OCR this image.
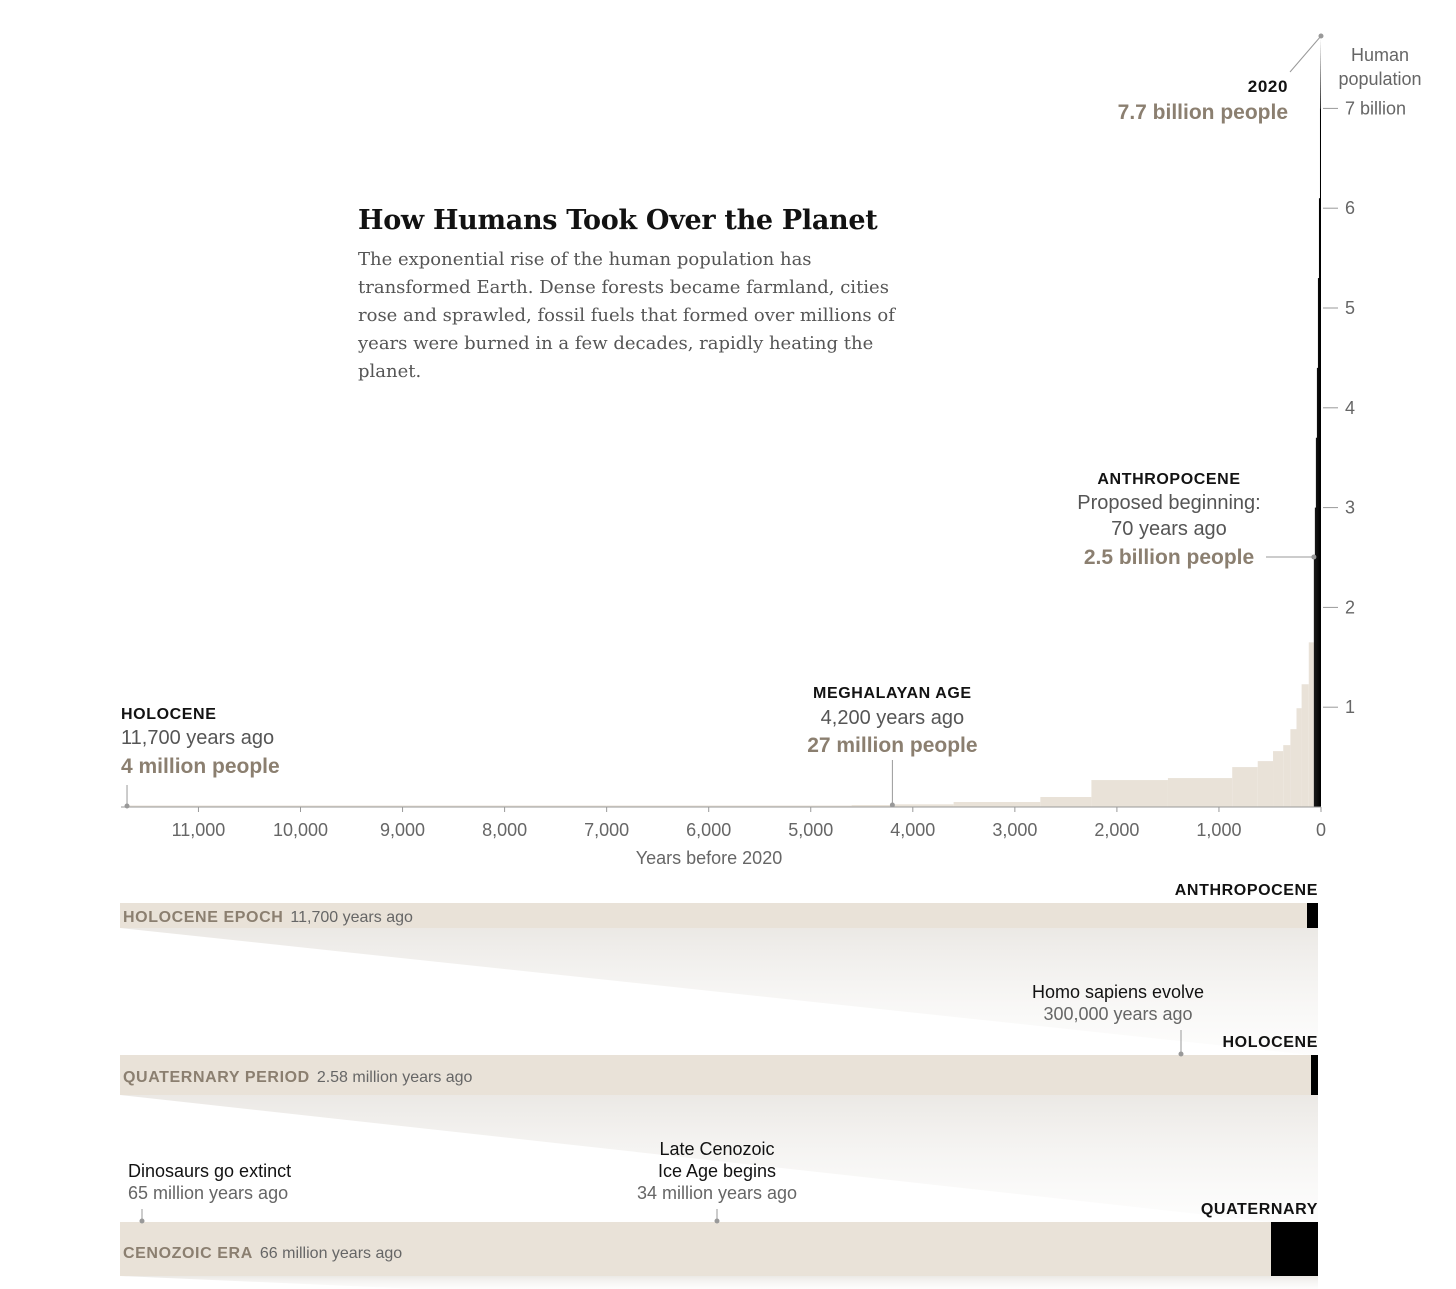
11,000	10,000	9,000	8,000	7,000	6,000	5,000	4,000	3,000	2,000	1,000	0
Years before 2020
1
2
3
4
5
6
7 billion
Human
population
HOLOCENE
11,700 years ago
4 million people
MEGHALAYAN AGE
4,200 years ago
27 million people
ANTHROPOCENE
Proposed beginning:
70 years ago
2.5 billion people
2020
7.7 billion people
HOLOCENE EPOCH 11,700 years ago
ANTHROPOCENE
QUATERNARY PERIOD 2.58 million years ago
HOLOCENE
CENOZOIC ERA 66 million years ago
QUATERNARY
Homo sapiens evolve
300,000 years ago
Dinosaurs go extinct
65 million years ago
Late Cenozoic
Ice Age begins
34 million years ago
How Humans Took Over the Planet

The exponential rise of the human population has transformed Earth. Dense forests became farmland, cities rose and sprawled, fossil fuels that formed over millions of years were burned in a few decades, rapidly heating the planet.
